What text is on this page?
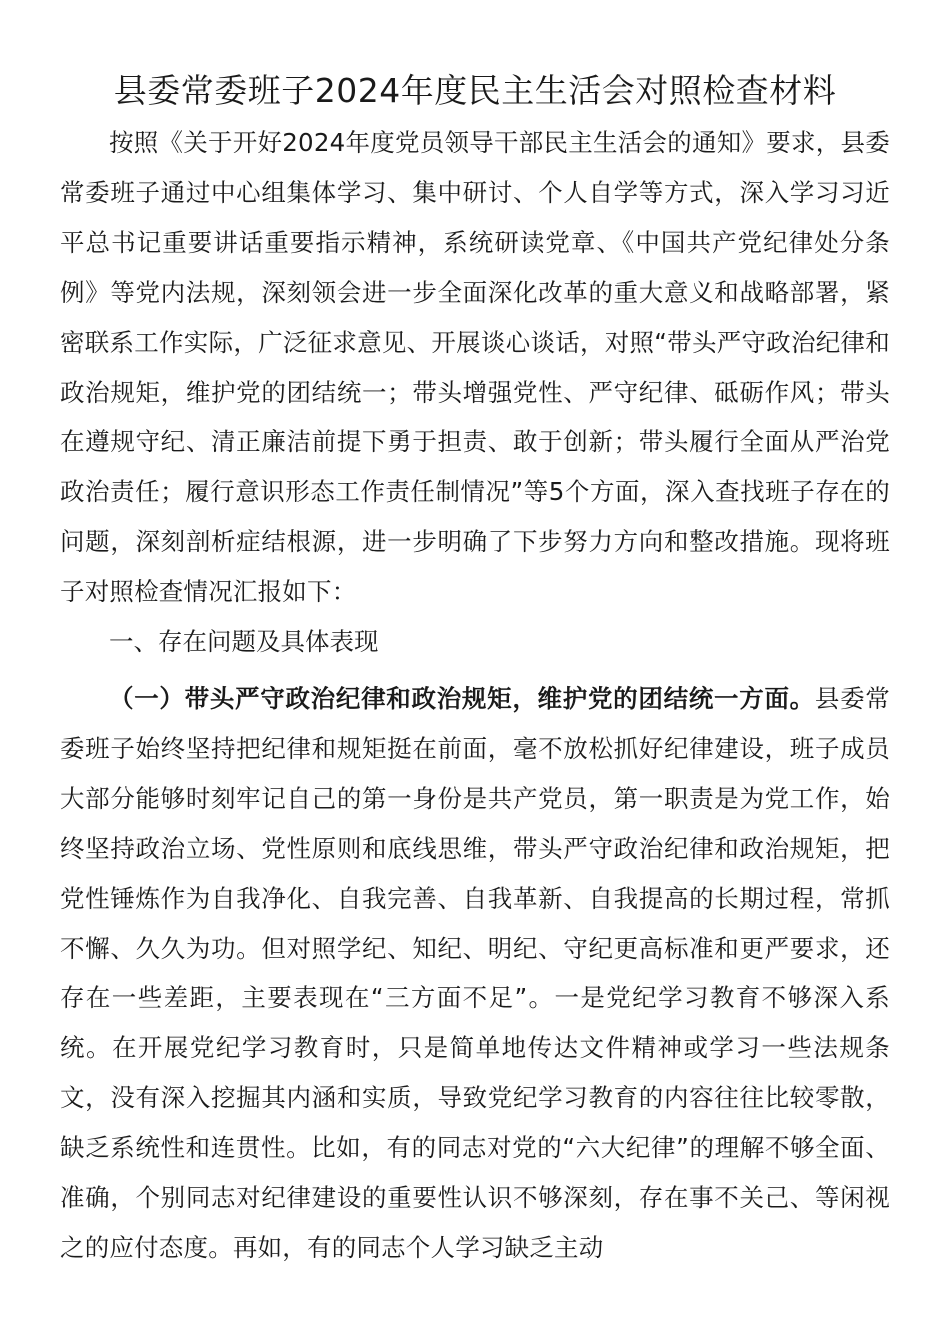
县委常委班子2024年度民主生活会对照检查材料

按照《关于开好2024年度党员领导干部民主生活会的通知》要求，县委常委班子通过中心组集体学习、集中研讨、个人自学等方式，深入学习习近平总书记重要讲话重要指示精神，系统研读党章、《中国共产党纪律处分条例》等党内法规，深刻领会进一步全面深化改革的重大意义和战略部署，紧密联系工作实际，广泛征求意见、开展谈心谈话，对照“带头严守政治纪律和政治规矩，维护党的团结统一；带头增强党性、严守纪律、砥砺作风；带头在遵规守纪、清正廉洁前提下勇于担责、敢于创新；带头履行全面从严治党政治责任；履行意识形态工作责任制情况”等5个方面，深入查找班子存在的问题，深刻剖析症结根源，进一步明确了下步努力方向和整改措施。现将班子对照检查情况汇报如下：

一、存在问题及具体表现

（一）带头严守政治纪律和政治规矩，维护党的团结统一方面。县委常委班子始终坚持把纪律和规矩挺在前面，毫不放松抓好纪律建设，班子成员大部分能够时刻牢记自己的第一身份是共产党员，第一职责是为党工作，始终坚持政治立场、党性原则和底线思维，带头严守政治纪律和政治规矩，把党性锤炼作为自我净化、自我完善、自我革新、自我提高的长期过程，常抓不懈、久久为功。但对照学纪、知纪、明纪、守纪更高标准和更严要求，还存在一些差距，主要表现在“三方面不足”。一是党纪学习教育不够深入系统。在开展党纪学习教育时，只是简单地传达文件精神或学习一些法规条文，没有深入挖掘其内涵和实质，导致党纪学习教育的内容往往比较零散，缺乏系统性和连贯性。比如，有的同志对党的“六大纪律”的理解不够全面、准确，个别同志对纪律建设的重要性认识不够深刻，存在事不关己、等闲视之的应付态度。再如，有的同志个人学习缺乏主动
